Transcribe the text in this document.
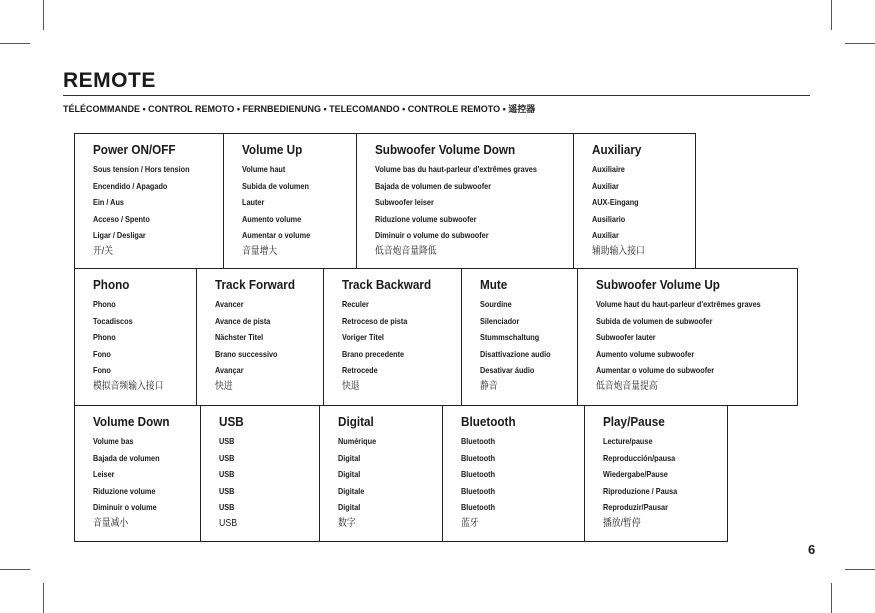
REMOTE

TÉLÉCOMMANDE • CONTROL REMOTO • FERNBEDIENUNG • TELECOMANDO • CONTROLE REMOTO • 遥控器

Power ON/OFF
Sous tension / Hors tension
Encendido / Apagado
Ein / Aus
Acceso / Spento
Ligar / Desligar
开/关
Volume Up
Volume haut
Subida de volumen
Lauter
Aumento volume
Aumentar o volume
音量增大
Subwoofer Volume Down
Volume bas du haut-parleur d'extrêmes graves
Bajada de volumen de subwoofer
Subwoofer leiser
Riduzione volume subwoofer
Diminuir o volume do subwoofer
低音炮音量降低
Auxiliary
Auxiliaire
Auxiliar
AUX-Eingang
Ausiliario
Auxiliar
辅助输入接口
Phono
Phono
Tocadiscos
Phono
Fono
Fono
模拟音频输入接口
Track Forward
Avancer
Avance de pista
Nächster Titel
Brano successivo
Avançar
快进
Track Backward
Reculer
Retroceso de pista
Voriger Titel
Brano precedente
Retrocede
快退
Mute
Sourdine
Silenciador
Stummschaltung
Disattivazione audio
Desativar áudio
静音
Subwoofer Volume Up
Volume haut du haut-parleur d'extrêmes graves
Subida de volumen de subwoofer
Subwoofer lauter
Aumento volume subwoofer
Aumentar o volume do subwoofer
低音炮音量提高
Volume Down
Volume bas
Bajada de volumen
Leiser
Riduzione volume
Diminuir o volume
音量减小
USB
USB
USB
USB
USB
USB
USB
Digital
Numérique
Digital
Digital
Digitale
Digital
数字
Bluetooth
Bluetooth
Bluetooth
Bluetooth
Bluetooth
Bluetooth
蓝牙
Play/Pause
Lecture/pause
Reproducción/pausa
Wiedergabe/Pause
Riproduzione / Pausa
Reproduzir/Pausar
播放/暂停
6
